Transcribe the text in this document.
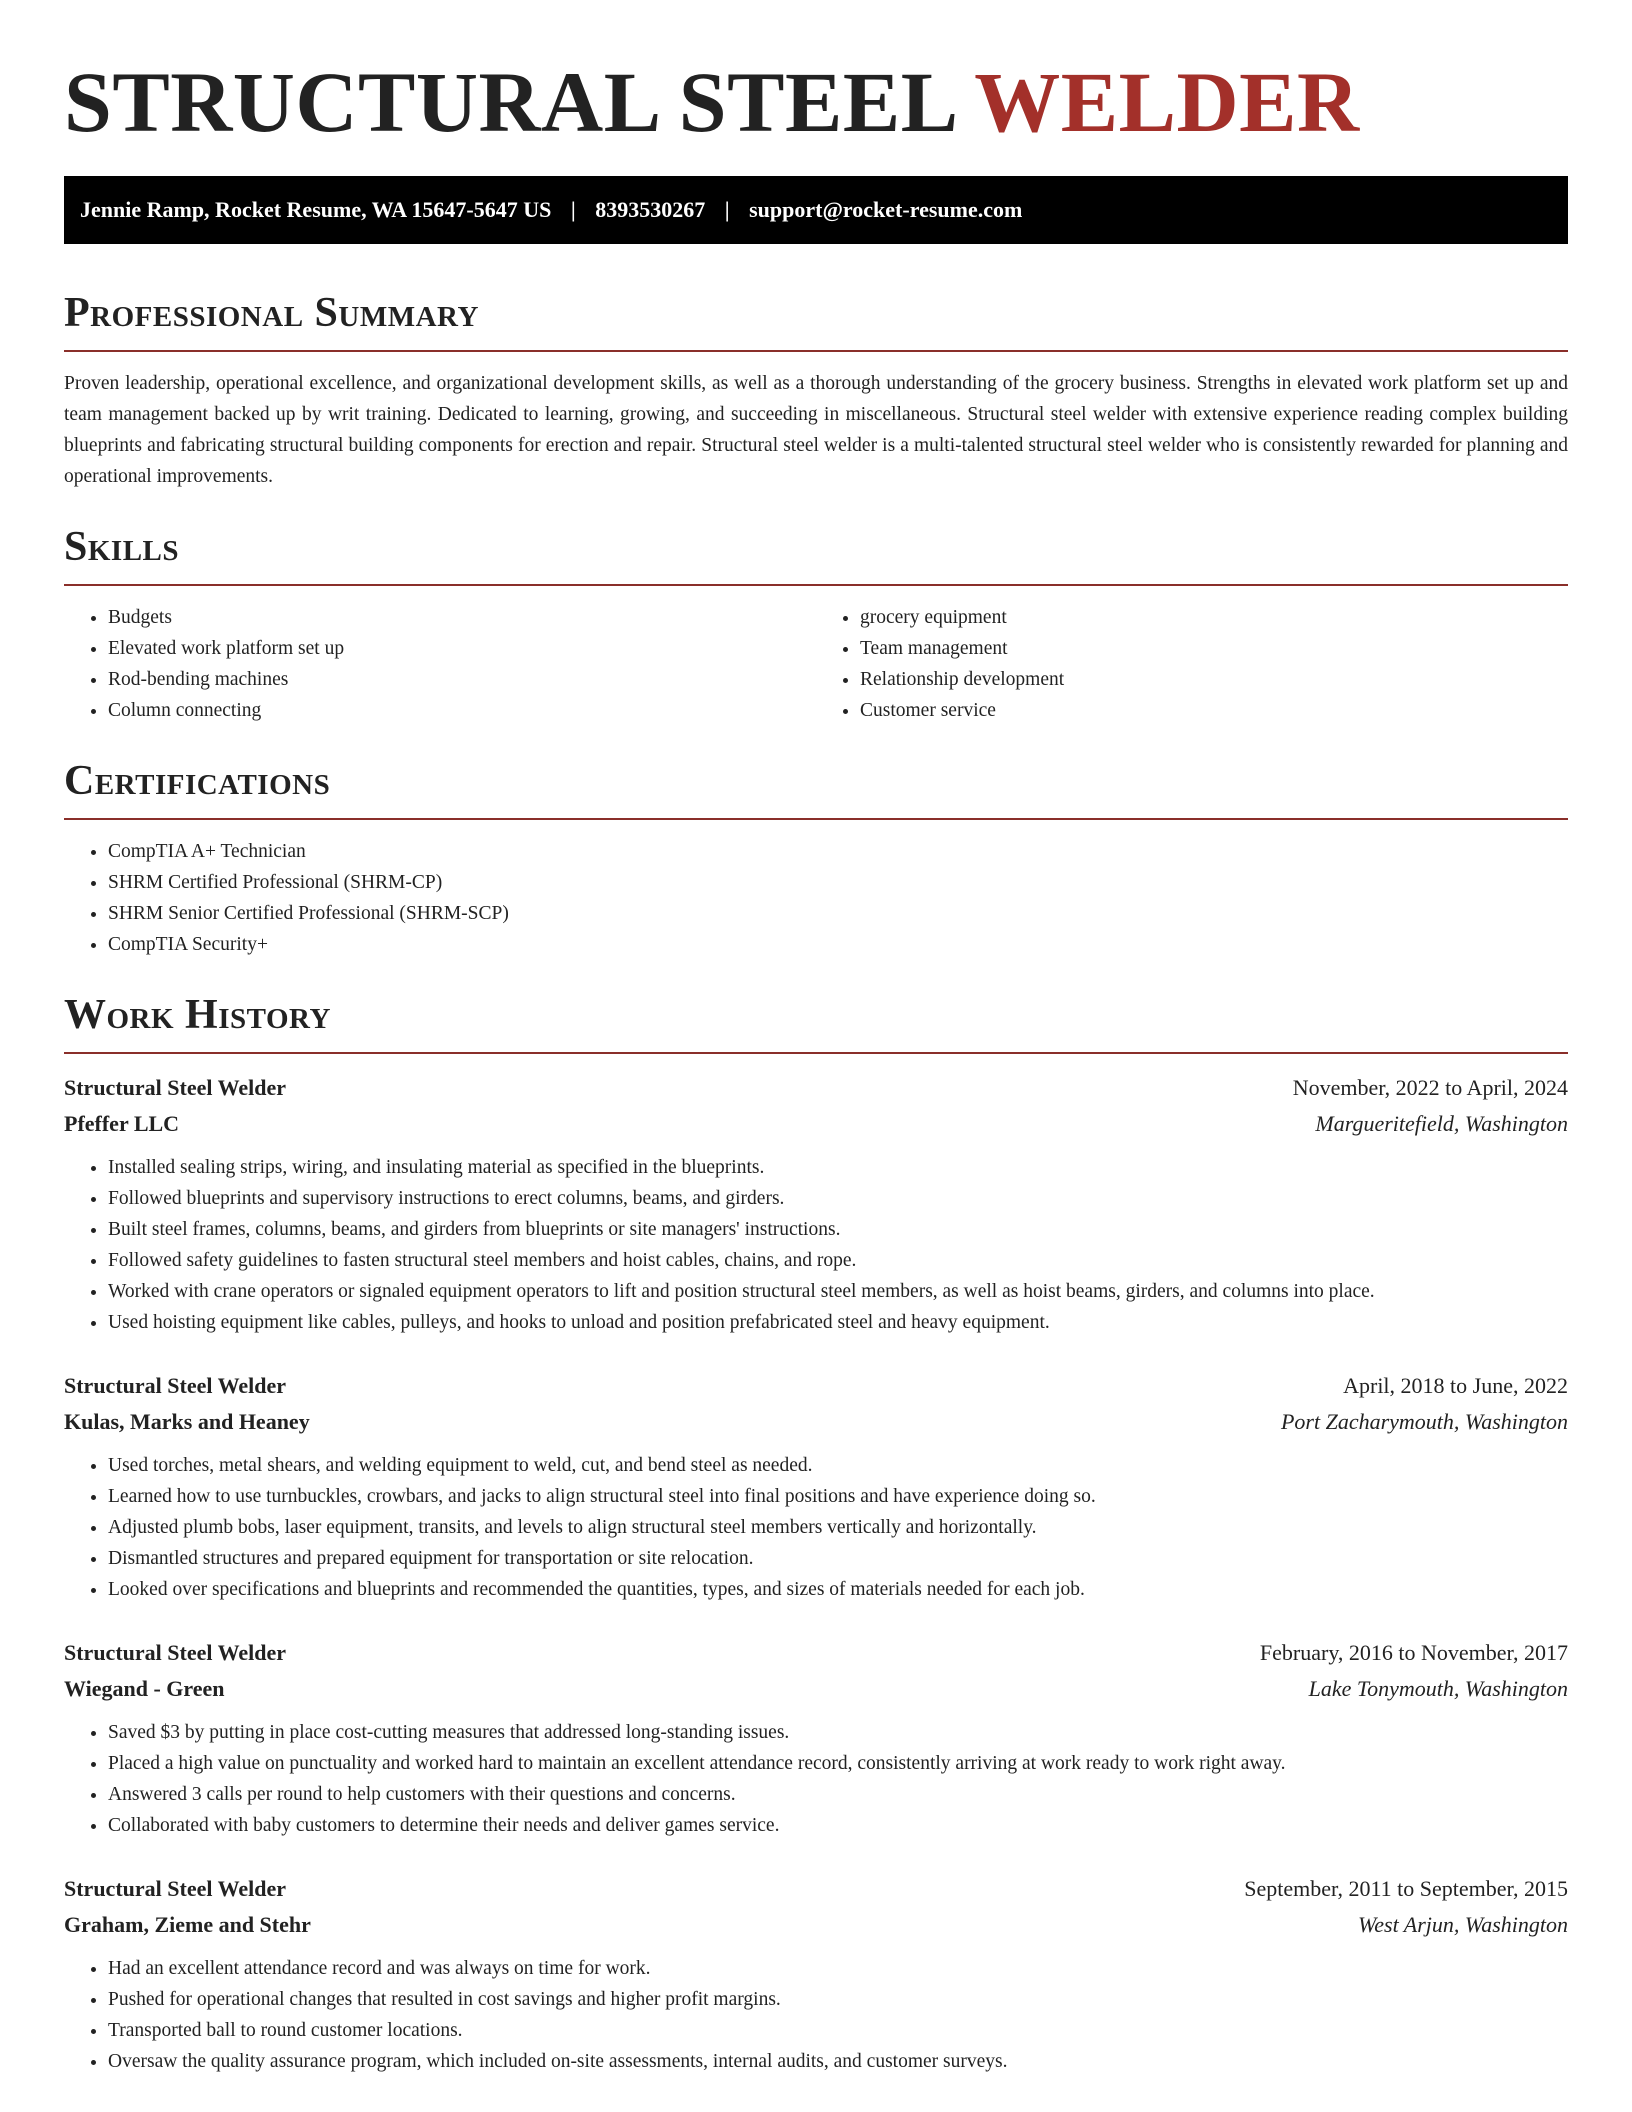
STRUCTURAL STEEL WELDER
Jennie Ramp, Rocket Resume, WA 15647-5647 US | 8393530267 | support@rocket-resume.com
Professional Summary

Proven leadership, operational excellence, and organizational development skills, as well as a thorough understanding of the grocery business. Strengths in elevated work platform set up and team management backed up by writ training. Dedicated to learning, growing, and succeeding in miscellaneous. Structural steel welder with extensive experience reading complex building blueprints and fabricating structural building components for erection and repair. Structural steel welder is a multi-talented structural steel welder who is consistently rewarded for planning and operational improvements.

Skills
• Budgets
• Elevated work platform set up
• Rod-bending machines
• Column connecting
• grocery equipment
• Team management
• Relationship development
• Customer service
Certifications
• CompTIA A+ Technician
• SHRM Certified Professional (SHRM-CP)
• SHRM Senior Certified Professional (SHRM-SCP)
• CompTIA Security+
Work History
Structural Steel Welder	November, 2022 to April, 2024
Pfeffer LLC	Margueritefield, Washington
• Installed sealing strips, wiring, and insulating material as specified in the blueprints.
• Followed blueprints and supervisory instructions to erect columns, beams, and girders.
• Built steel frames, columns, beams, and girders from blueprints or site managers' instructions.
• Followed safety guidelines to fasten structural steel members and hoist cables, chains, and rope.
• Worked with crane operators or signaled equipment operators to lift and position structural steel members, as well as hoist beams, girders, and columns into place.
• Used hoisting equipment like cables, pulleys, and hooks to unload and position prefabricated steel and heavy equipment.
Structural Steel Welder	April, 2018 to June, 2022
Kulas, Marks and Heaney	Port Zacharymouth, Washington
• Used torches, metal shears, and welding equipment to weld, cut, and bend steel as needed.
• Learned how to use turnbuckles, crowbars, and jacks to align structural steel into final positions and have experience doing so.
• Adjusted plumb bobs, laser equipment, transits, and levels to align structural steel members vertically and horizontally.
• Dismantled structures and prepared equipment for transportation or site relocation.
• Looked over specifications and blueprints and recommended the quantities, types, and sizes of materials needed for each job.
Structural Steel Welder	February, 2016 to November, 2017
Wiegand - Green	Lake Tonymouth, Washington
• Saved $3 by putting in place cost-cutting measures that addressed long-standing issues.
• Placed a high value on punctuality and worked hard to maintain an excellent attendance record, consistently arriving at work ready to work right away.
• Answered 3 calls per round to help customers with their questions and concerns.
• Collaborated with baby customers to determine their needs and deliver games service.
Structural Steel Welder	September, 2011 to September, 2015
Graham, Zieme and Stehr	West Arjun, Washington
• Had an excellent attendance record and was always on time for work.
• Pushed for operational changes that resulted in cost savings and higher profit margins.
• Transported ball to round customer locations.
• Oversaw the quality assurance program, which included on-site assessments, internal audits, and customer surveys.
